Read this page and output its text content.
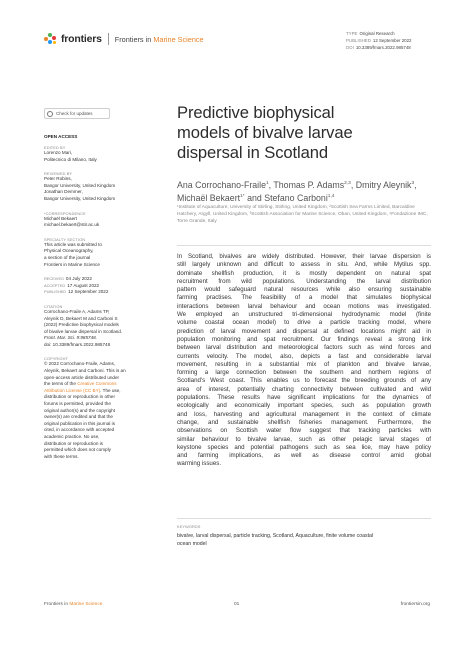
frontiers Frontiers in Marine Science
TYPE Original Research
PUBLISHED 12 September 2022
DOI 10.3389/fmars.2022.985748
Check for updates
OPEN ACCESS
EDITED BY
Lorenzo Mari,
Politecnico di Milano, Italy
REVIEWED BY
Peter Robins,
Bangor University, United Kingdom
Jonathan Demmer,
Bangor University, United Kingdom
*CORRESPONDENCE
Michaël Bekaert
michael.bekaert@stir.ac.uk
SPECIALTY SECTION
This article was submitted to
Physical Oceanography,
a section of the journal
Frontiers in Marine Science
RECEIVED 04 July 2022
ACCEPTED 17 August 2022
PUBLISHED 12 September 2022
CITATION
Corrochano-Fraile A, Adams TP,
Aleynik D, Bekaert M and Carboni S
(2022) Predictive biophysical models
of bivalve larvae dispersal in Scotland.
Front. Mar. Sci. 9:985748.
doi: 10.3389/fmars.2022.985748
COPYRIGHT
© 2022 Corrochano-Fraile, Adams,
Aleynik, Bekaert and Carboni. This is an
open-access article distributed under
the terms of the Creative Commons
Attribution License (CC BY). The use,
distribution or reproduction in other
forums is permitted, provided the
original author(s) and the copyright
owner(s) are credited and that the
original publication in this journal is
cited, in accordance with accepted
academic practice. No use,
distribution or reproduction is
permitted which does not comply
with these terms.
Predictive biophysical
models of bivalve larvae
dispersal in Scotland
Ana Corrochano-Fraile$^1$, Thomas P. Adams$^{2,3}$, Dmitry Aleynik$^3$, Michaël Bekaert$^{1*}$ and Stefano Carboni$^{1,4}$
¹Institute of Aquaculture, University of Stirling, Stirling, United Kingdom, ²Scottish Sea Farms Limited, Barcaldine Hatchery, Argyll, United Kingdom, ³Scottish Association for Marine Science, Oban, United Kingdom, ⁴Fondazione IMC, Torre Grande, Italy
In Scotland, bivalves are widely distributed. However, their larvae dispersion is
still largely unknown and difficult to assess in situ. And, while Mytilus spp.
dominate shellfish production, it is mostly dependent on natural spat
recruitment from wild populations. Understanding the larval distribution
pattern would safeguard natural resources while also ensuring sustainable
farming practises. The feasibility of a model that simulates biophysical
interactions between larval behaviour and ocean motions was investigated.
We employed an unstructured tri-dimensional hydrodynamic model (finite
volume coastal ocean model) to drive a particle tracking model, where
prediction of larval movement and dispersal at defined locations might aid in
population monitoring and spat recruitment. Our findings reveal a strong link
between larval distribution and meteorological factors such as wind forces and
currents velocity. The model, also, depicts a fast and considerable larval
movement, resulting in a substantial mix of plankton and bivalve larvae,
forming a large connection between the southern and northern regions of
Scotland's West coast. This enables us to forecast the breeding grounds of any
area of interest, potentially charting connectivity between cultivated and wild
populations. These results have significant implications for the dynamics of
ecologically and economically important species, such as population growth
and loss, harvesting and agricultural management in the context of climate
change, and sustainable shellfish fisheries management. Furthermore, the
observations on Scottish water flow suggest that tracking particles with
similar behaviour to bivalve larvae, such as other pelagic larval stages of
keystone species and potential pathogens such as sea lice, may have policy
and farming implications, as well as disease control amid global
warming issues.
KEYWORDS
bivalve, larval dispersal, particle tracking, Scotland, Aquaculture, finite volume coastal
ocean model
Frontiers in Marine Science	01	frontiersin.org
